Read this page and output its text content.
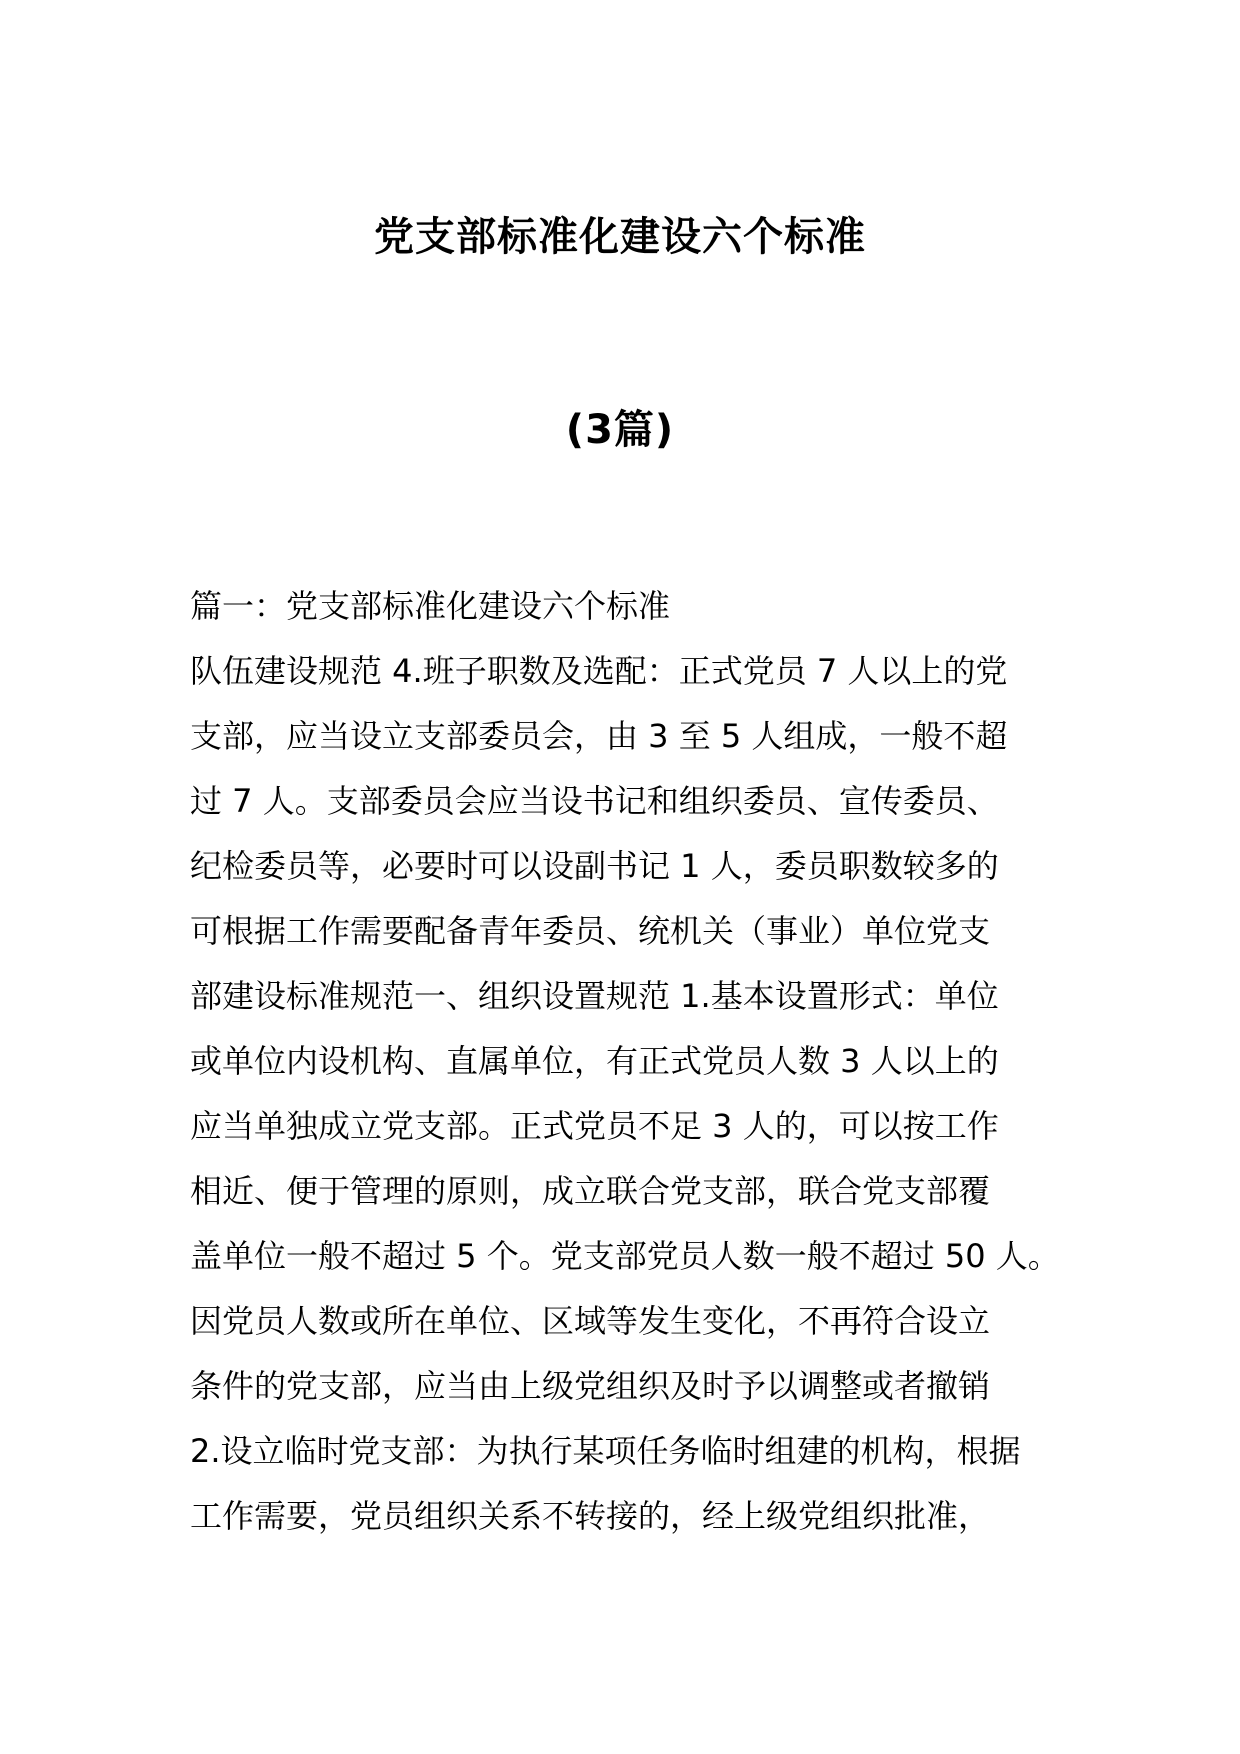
党支部标准化建设六个标准
(3篇)
篇一：党支部标准化建设六个标准
队伍建设规范 4.班子职数及选配：正式党员 7 人以上的党
支部，应当设立支部委员会，由 3 至 5 人组成，一般不超
过 7 人。支部委员会应当设书记和组织委员、宣传委员、
纪检委员等，必要时可以设副书记 1 人，委员职数较多的
可根据工作需要配备青年委员、统机关（事业）单位党支
部建设标准规范一、组织设置规范 1.基本设置形式：单位
或单位内设机构、直属单位，有正式党员人数 3 人以上的
应当单独成立党支部。正式党员不足 3 人的，可以按工作
相近、便于管理的原则，成立联合党支部，联合党支部覆
盖单位一般不超过 5 个。党支部党员人数一般不超过 50 人。
因党员人数或所在单位、区域等发生变化，不再符合设立
条件的党支部，应当由上级党组织及时予以调整或者撤销
2.设立临时党支部：为执行某项任务临时组建的机构，根据
工作需要，党员组织关系不转接的，经上级党组织批准，
